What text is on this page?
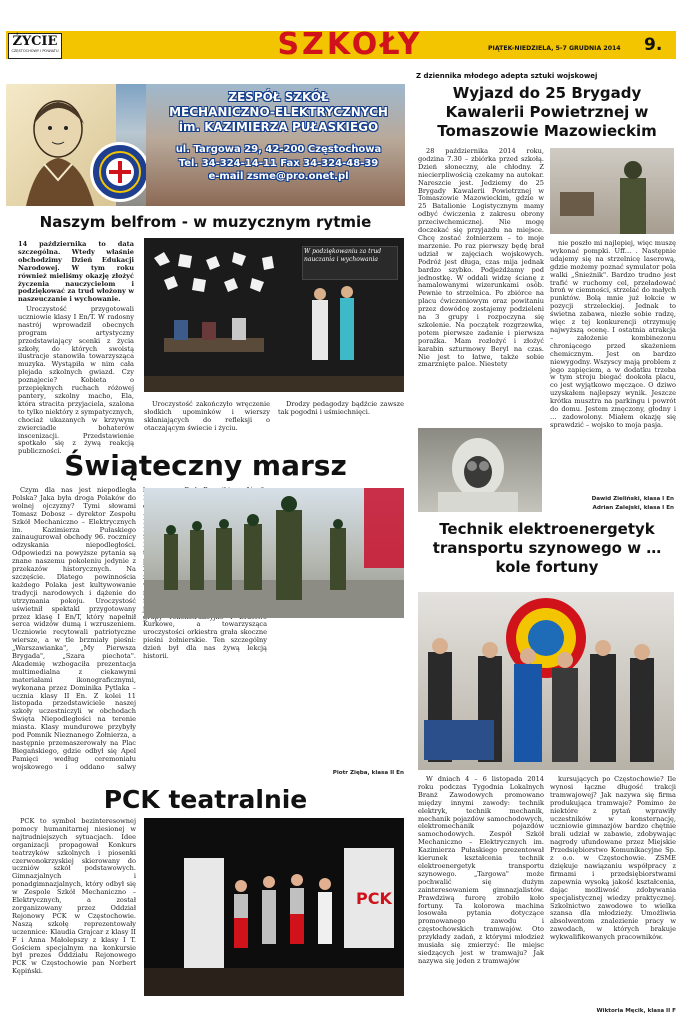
ŻYCIE
CZĘSTOCHOWY I POWIATU	SZKOŁY	PIĄTEK-NIEDZIELA, 5-7 GRUDNIA 2014 9.
ZESPÓŁ SZKÓŁ
MECHANICZNO-ELEKTRYCZNYCH
im. KAZIMIERZA PUŁASKIEGO
ul. Targowa 29, 42-200 Częstochowa
Tel. 34-324-14-11 Fax 34-324-48-39
e-mail zsme@pro.onet.pl
Naszym belfrom - w muzycznym rytmie
14 października to data szczególna. Wtedy właśnie obchodzimy Dzień Edukacji Narodowej. W tym roku również mieliśmy okazję złożyć życzenia nauczycielom i podziękować za trud włożony w naszeuczanie i wychowanie.
Uroczystość przygotowali uczniowie klasy I En/T. W radosny nastrój wprowadził obecnych program artystyczny przedstawiający scenki z życia szkoły, do których swoistą ilustracje stanowiła towarzysząca muzyka. Wystąpiła w nim cała plejada szkolnych gwiazd. Czy poznajecie? Kobieta o przepięknych ruchach różowej panterу, szkolny macho, Ela, która stracita przyjaciela, szalona to tylko niektóry z sympatycznych, chociaż ukazanych w krzywym zwierciadle bohaterów inscenizacji. Przedstawienie spotkało się z żywą reakcją publiczności.
W podziękowaniu za trud nauczania i wychowania
Uroczystość zakończyło wręczenie słodkich upominków i wierszy skłaniających do refleksji o otaczającym świecie i życiu.
Drodzy pedagodzy bądźcie zawsze tak pogodni i uśmiechnięci.
Świąteczny marsz
Czym dla nas jest niepodległa Polska? Jaka była droga Polaków do wolnej ojczyzny? Tymi słowami Tomasz Dobosz – dyrektor Zespołu Szkół Mechaniczno – Elektrycznych im. Kazimierza Pułaskiego zainaugurował obchody 96. rocznicy odzyskania niepodległości. Odpowiedzi na powyższe pytania są znane naszemu pokoleniu jedynie z przekazów historycznych. Na szczęście. Dlatego powinnościa każdego Polaka jest kultywowanie tradycji narodowych i dążenie do utrzymania pokoju. Uroczystość uświetnił spektakl przygotowany przez klasę I En/T, który napełnił serca widzów dumą i wzruszeniem. Uczniowie recytowali patriotyczne wiersze, a w tle brzmiały pieśni: „Warszawianka", „My Pierwsza Brygada", „Szara piechota". Akademię wzbogaciła prezentacja multimedialna z ciekawymi materiałami ikonograficznymi, wykonana przez Dominika Pytlaka – ucznia klasy II En. Z kolei 11 listopada przedstawiciele naszej szkoły uczestniczyli w obchodach Święta Niepodległości na terenie miasta. Klasy mundurowe przybyły pod Pomnik Nieznanego Żołnierza, a następnie przemaszerowały na Plac Biegańskiego, gdzie odbył się Apel Pamięci według ceremoniału wojskowego i oddano salwy Kurkowe, a towarzysząca uroczystości orkiestra grała skoczne pieśni żołnierskie. Ten szczególny dzień był dla nas żywą lekcją historii.
Piotr Zięba, klasa II En
PCK teatralnie
PCK to symbol bezinteresownej pomocy humanitarnej niesionej w najtrudniejszych sytuacjach. Idee organizacji propagował Konkurs teatrzyków szkolnych i piosenki czerwonokrzyskiej skierowany do uczniów szkół podstawowych. Gimnazjalnych i ponadgimnazjalnych, który odbył się w Zespole Szkół Mechaniczno – Elektrycznych, a został zorganizowany przez Oddział Rejonowy PCK w Częstochowie. Naszą szkołę reprezentowały uczennice: Klaudia Grajcar z klasy II F i Anna Małolepszy z klasy I T. Gościem specjalnym na konkursie był prezes Oddziału Rejonowego PCK w Częstochowie pan Norbert Kępiński.
PCK
Z dziennika młodego adepta sztuki wojskowej
Wyjazd do 25 Brygady Kawalerii Powietrznej w Tomaszowie Mazowieckim
28 października 2014 roku, godzina 7.30 – zbiórka przed szkołą. Dzień słoneczny, ale chłodny. Z niecierpliwością czekamy na autokar. Nareszcie jest. Jedziemy do 25 Brygady Kawalerii Powietrznej w Tomaszowie Mazowieckim, gdzie w 25 Batalionie Logistycznym mamy odbyć ćwiczenia z zakresu obrony przeciwchemicznej. Nie mogę doczekać się przyjazdu na miejsce. Chcę zostać żołnierzem – to moje marzenie. Po raz pierwszy będę brał udział w zajęciach wojskowych. Podróż jest długa, czas mija jednak bardzo szybko. Podjeżdżamy pod jednostkę. W oddali widzę ścianę z namalowanymi wizerunkami osób. Pewnie to strzelnica. Po zbiórce na placu ćwiczeniowym oraz powitaniu przez dowódcę zostajemy podzieleni na 3 grupy i rozpoczyna się szkolenie. Na początek rozgrzewka, potem pierwsze zadanie i pierwsza porażka. Mam rozłożyć i złożyć karabin szturmowy Beryl na czas. Nie jest to łatwe, także sobie zmarznięte palce. Niestety
nie poszło mi najlepiej, więc muszę wykonać pompki. Uff… . Następnie udajemy się na strzelnicę laserową, gdzie możemy poznać symulator pola walki „Śnieżnik". Bardzo trudno jest trafić w ruchomy cel, przeładować broń w ciemności, strzelać do małych punktów. Bolą mnie już łokcie w pozycji strzeleckiej. Jednak to świetna zabawa, niezłe sobie radzę, więc z tej konkurencji otrzymuję najwyższą ocenę. I ostatnia atrakcja – założenie kombinezonu chroniącego przed skażeniem chemicznym. Jest on bardzo niewygodny. Wszyscy mają problem z jego zapięciem, a w dodatku trzeba w tym stroju biegać dookoła placu, co jest wyjątkowo męczące. O dziwo uzyskałem najlepszy wynik. Jeszcze krótka musztra na parkingu i powrót do domu. Jestem zmęczony, głodny i … zadowolony. Miałem okazję się sprawdzić – wojsko to moja pasja.
Dawid Zieliński, klasa I En
Adrian Zalejski, klasa I En
Technik elektroenergetyk transportu szynowego w … kole fortuny
W dniach 4 – 6 listopada 2014 roku podczas Tygodnia Lokalnych Branż Zawodowych promowano między innymi zawody: technik elektryk, technik mechanik, mechanik pojazdów samochodowych, elektromechanik pojazdów samochodowych. Zespół Szkół Mechaniczno – Elektrycznych im. Kazimierza Pułaskiego prezentował kierunek kształcenia technik elektroenergetyk transportu szynowego. „Targowa" może pochwalić się dużym zainteresowaniem gimnazjalistów. Prawdziwą furorę zrobiło koło fortuny. Ta kolorowa machina losowała pytania dotyczące promowanego zawodu i częstochowskich tramwajów. Oto przykłady zadań, z którymi młodzież musiała się zmierzyć: Ile miejsc siedzących jest w tramwaju? Jak nazywa się jeden z tramwajów
kursujących po Częstochowie? Ile wynosi łączne długość trakcji tramwajowej? Jak nazywa się firma produkująca tramwaje? Pomimo że niektóre z pytań wprawiły uczestników w konsternację, uczniowie gimnazjów bardzo chętnie brali udział w zabawie, zdobywając nagrody ufundowane przez Miejskie Przedsiębiorstwo Komunikacyjne Sp. z o.o. w Częstochowie. ZSME dziękuje nawiązaniu współpracy z firmami i przedsiębiorstwami zapewnia wysoką jakość kształcenia, dając możliwość zdobywania specjalistycznej wiedzy praktycznej. Szkolnictwo zawodowe to wielka szansa dla młodzieży. Umożliwia absolwentom znalezienie pracy w zawodach, w których brakuje wykwalifikowanych pracowników.
Wiktoria Męcik, klasa II F
